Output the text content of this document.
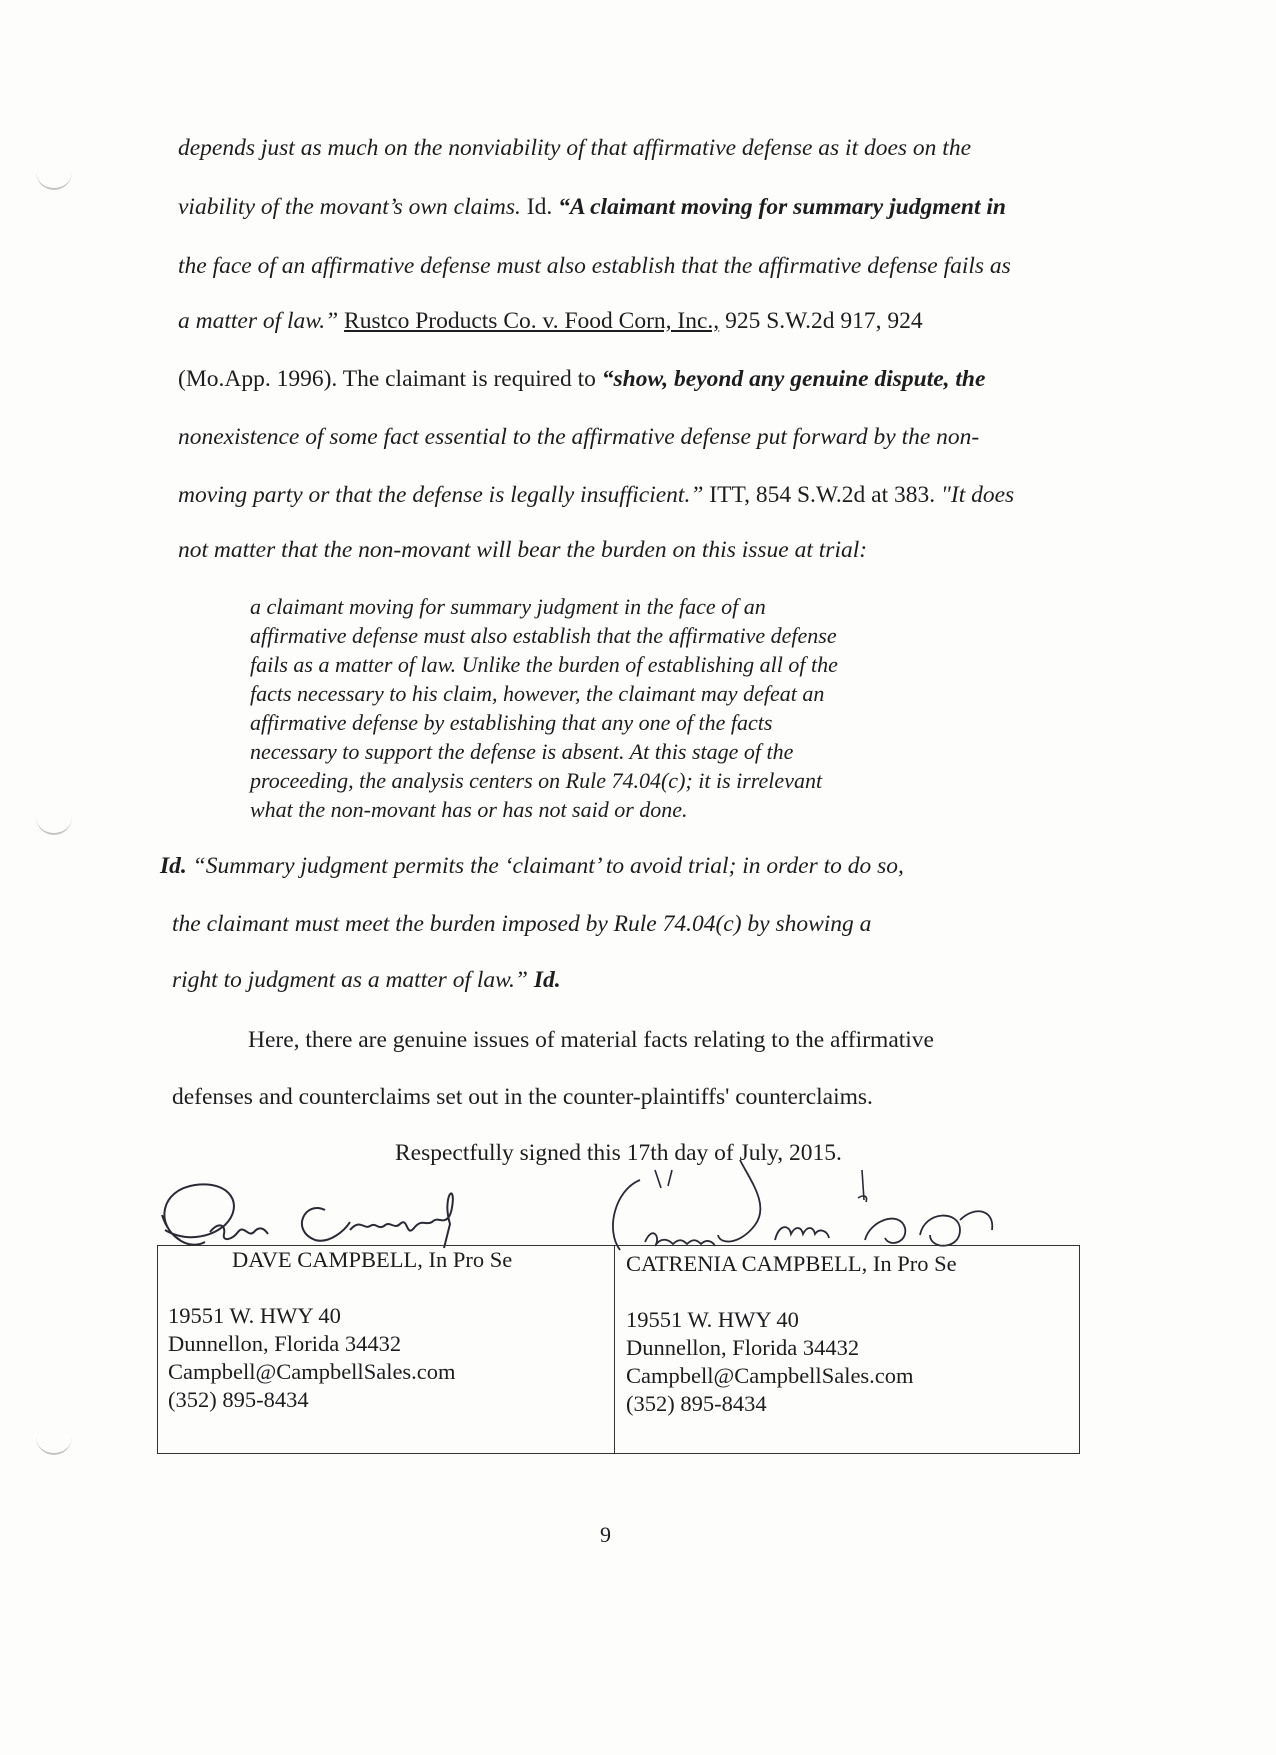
depends just as much on the nonviability of that affirmative defense as it does on the
viability of the movant’s own claims. Id. “A claimant moving for summary judgment in
the face of an affirmative defense must also establish that the affirmative defense fails as
a matter of law.” Rustco Products Co. v. Food Corn, Inc., 925 S.W.2d 917, 924
(Mo.App. 1996). The claimant is required to “show, beyond any genuine dispute, the
nonexistence of some fact essential to the affirmative defense put forward by the non-
moving party or that the defense is legally insufficient.” ITT, 854 S.W.2d at 383. "It does
not matter that the non-movant will bear the burden on this issue at trial:
a claimant moving for summary judgment in the face of an
affirmative defense must also establish that the affirmative defense
fails as a matter of law. Unlike the burden of establishing all of the
facts necessary to his claim, however, the claimant may defeat an
affirmative defense by establishing that any one of the facts
necessary to support the defense is absent. At this stage of the
proceeding, the analysis centers on Rule 74.04(c); it is irrelevant
what the non-movant has or has not said or done.
Id. “Summary judgment permits the ‘claimant’ to avoid trial; in order to do so,
the claimant must meet the burden imposed by Rule 74.04(c) by showing a
right to judgment as a matter of law.” Id.
Here, there are genuine issues of material facts relating to the affirmative
defenses and counterclaims set out in the counter-plaintiffs' counterclaims.
Respectfully signed this 17th day of July, 2015.
DAVE CAMPBELL, In Pro Se
19551 W. HWY 40
Dunnellon, Florida 34432
Campbell@CampbellSales.com
(352) 895-8434
CATRENIA CAMPBELL, In Pro Se
19551 W. HWY 40
Dunnellon, Florida 34432
Campbell@CampbellSales.com
(352) 895-8434
9
